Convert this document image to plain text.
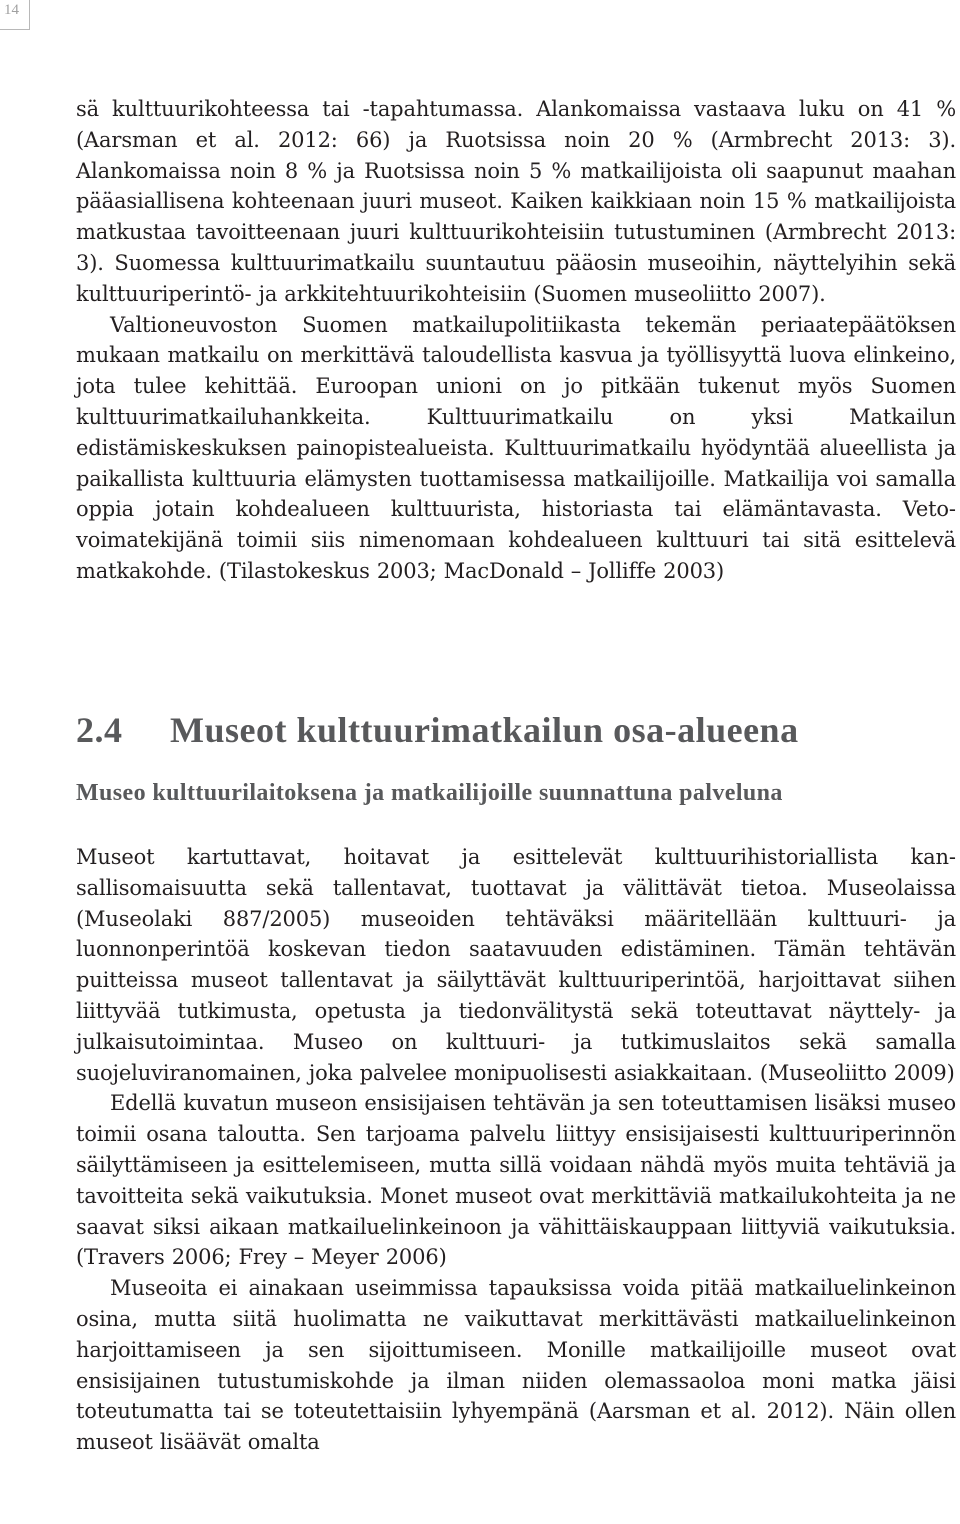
14

sä kulttuurikohteessa tai -tapahtumassa. Alankomaissa vastaava luku on 41 % (Aarsman et al. 2012: 66) ja Ruotsissa noin 20 % (Armbrecht 2013: 3). Alankomaissa noin 8 % ja Ruotsissa noin 5 % matkailijoista oli saapunut maahan pääasiallisena kohteenaan juuri museot. Kaiken kaikkiaan noin 15 % matkailijoista matkustaa tavoitteenaan juuri kulttuurikohteisiin tutustuminen (Armbrecht 2013: 3). Suomessa kulttuurimatkailu suuntautuu pääosin museoihin, näyttelyihin sekä kulttuuriperintö- ja arkkitehtuurikohteisiin (Suomen museoliitto 2007).

Valtioneuvoston Suomen matkailupolitiikasta tekemän periaatepäätöksen mukaan matkailu on merkittävä taloudellista kasvua ja työllisyyttä luova elinkeino, jota tulee kehittää. Euroopan unioni on jo pitkään tukenut myös Suomen kulttuurimatkailuhankkeita. Kulttuurimatkailu on yksi Matkailun edistämiskeskuksen painopistealueista. Kulttuurimatkailu hyödyntää alueellista ja paikallista kulttuuria elämysten tuottamisessa matkailijoille. Matkailija voi samalla oppia jotain kohdealueen kulttuurista, historiasta tai elämäntavasta. Vetovoimatekijänä toimii siis nimenomaan kohdealueen kulttuuri tai sitä esittelevä matkakohde. (Tilastokeskus 2003; MacDonald – Jolliffe 2003)

2.4 Museot kulttuurimatkailun osa-alueena
Museo kulttuurilaitoksena ja matkailijoille suunnattuna palveluna

Museot kartuttavat, hoitavat ja esittelevät kulttuurihistoriallista kansallisomaisuutta sekä tallentavat, tuottavat ja välittävät tietoa. Museolaissa (Museolaki 887/2005) museoiden tehtäväksi määritellään kulttuuri- ja luonnonperintöä koskevan tiedon saatavuuden edistäminen. Tämän tehtävän puitteissa museot tallentavat ja säilyttävät kulttuuriperintöä, harjoittavat siihen liittyvää tutkimusta, opetusta ja tiedonvälitystä sekä toteuttavat näyttely- ja julkaisutoimintaa. Museo on kulttuuri- ja tutkimuslaitos sekä samalla suojeluviranomainen, joka palvelee monipuolisesti asiakkaitaan. (Museoliitto 2009)

Edellä kuvatun museon ensisijaisen tehtävän ja sen toteuttamisen lisäksi museo toimii osana taloutta. Sen tarjoama palvelu liittyy ensisijaisesti kulttuuriperinnön säilyttämiseen ja esittelemiseen, mutta sillä voidaan nähdä myös muita tehtäviä ja tavoitteita sekä vaikutuksia. Monet museot ovat merkittäviä matkailukohteita ja ne saavat siksi aikaan matkailuelinkeinoon ja vähittäiskauppaan liittyviä vaikutuksia. (Travers 2006; Frey – Meyer 2006)

Museoita ei ainakaan useimmissa tapauksissa voida pitää matkailuelinkeinon osina, mutta siitä huolimatta ne vaikuttavat merkittävästi matkailuelinkeinon harjoittamiseen ja sen sijoittumiseen. Monille matkailijoille museot ovat ensisijainen tutustumiskohde ja ilman niiden olemassaoloa moni matka jäisi toteutumatta tai se toteutettaisiin lyhyempänä (Aarsman et al. 2012). Näin ollen museot lisäävät omalta
